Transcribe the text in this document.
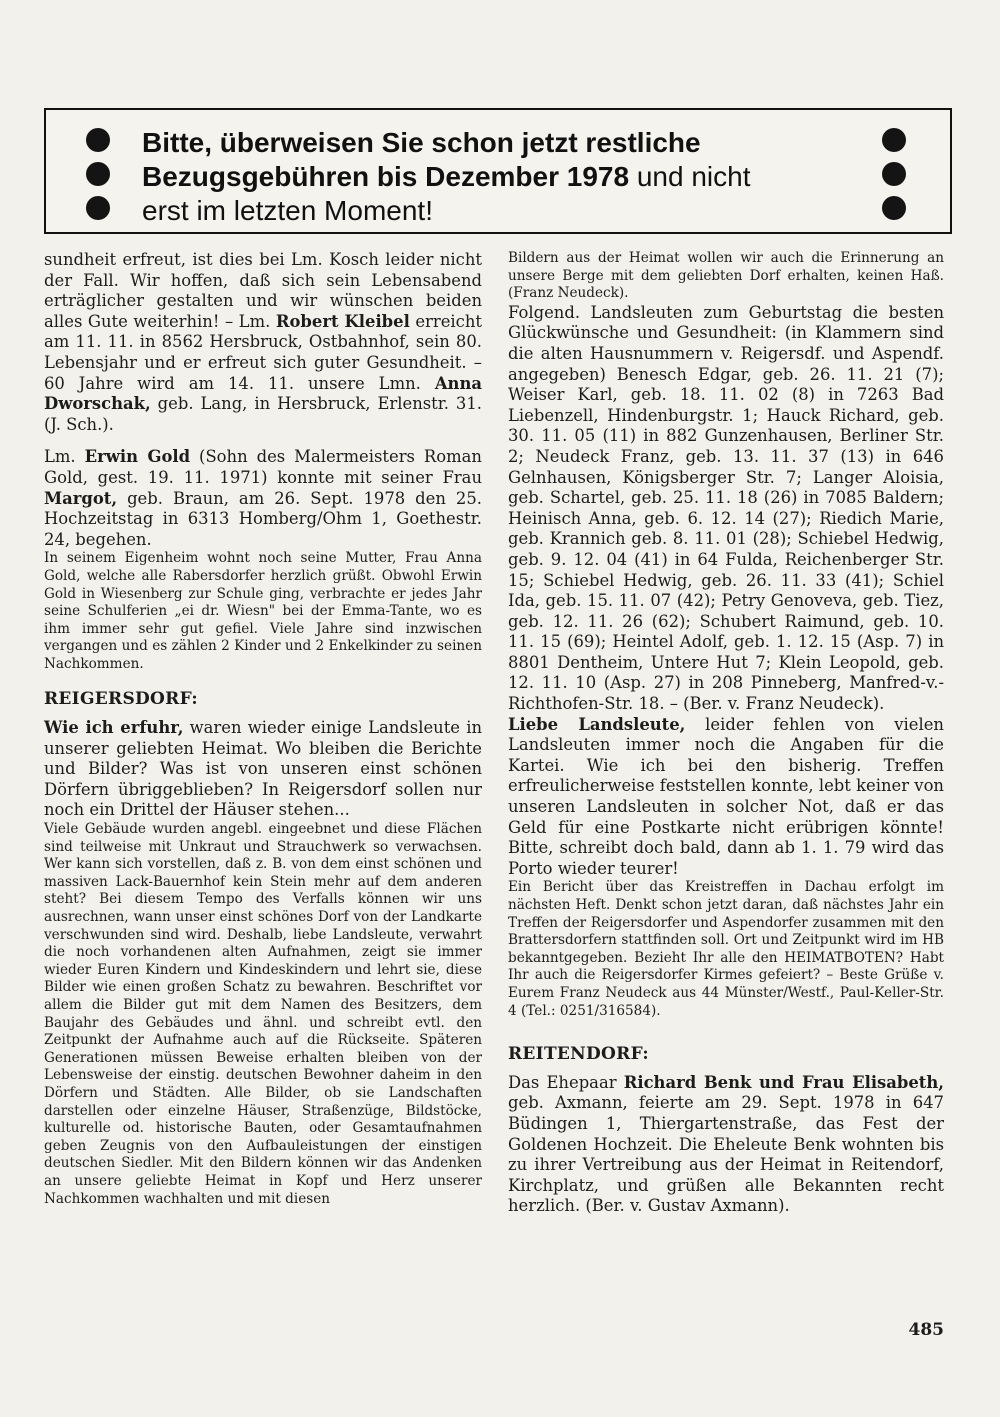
Bitte, überweisen Sie schon jetzt restliche
Bezugsgebühren bis Dezember 1978 und nicht
erst im letzten Moment!

sundheit erfreut, ist dies bei Lm. Kosch leider nicht der Fall. Wir hoffen, daß sich sein Lebensabend erträglicher gestalten und wir wünschen beiden alles Gute weiterhin! – Lm. Robert Kleibel erreicht am 11. 11. in 8562 Hersbruck, Ostbahnhof, sein 80. Lebensjahr und er erfreut sich guter Gesundheit. – 60 Jahre wird am 14. 11. unsere Lmn. Anna Dworschak, geb. Lang, in Hersbruck, Erlenstr. 31. (J. Sch.).

Lm. Erwin Gold (Sohn des Malermeisters Roman Gold, gest. 19. 11. 1971) konnte mit seiner Frau Margot, geb. Braun, am 26. Sept. 1978 den 25. Hochzeitstag in 6313 Homberg/Ohm 1, Goethestr. 24, begehen.

In seinem Eigenheim wohnt noch seine Mutter, Frau Anna Gold, welche alle Rabersdorfer herzlich grüßt. Obwohl Erwin Gold in Wiesenberg zur Schule ging, verbrachte er jedes Jahr seine Schulferien „ei dr. Wiesn" bei der Emma-Tante, wo es ihm immer sehr gut gefiel. Viele Jahre sind inzwischen vergangen und es zählen 2 Kinder und 2 Enkelkinder zu seinen Nachkommen.

REIGERSDORF:

Wie ich erfuhr, waren wieder einige Landsleute in unserer geliebten Heimat. Wo bleiben die Berichte und Bilder? Was ist von unseren einst schönen Dörfern übriggeblieben? In Reigersdorf sollen nur noch ein Drittel der Häuser stehen...

Viele Gebäude wurden angebl. eingeebnet und diese Flächen sind teilweise mit Unkraut und Strauchwerk so verwachsen. Wer kann sich vorstellen, daß z. B. von dem einst schönen und massiven Lack-Bauernhof kein Stein mehr auf dem anderen steht? Bei diesem Tempo des Verfalls können wir uns ausrechnen, wann unser einst schönes Dorf von der Landkarte verschwunden sind wird. Deshalb, liebe Landsleute, verwahrt die noch vorhandenen alten Aufnahmen, zeigt sie immer wieder Euren Kindern und Kindeskindern und lehrt sie, diese Bilder wie einen großen Schatz zu bewahren. Beschriftet vor allem die Bilder gut mit dem Namen des Besitzers, dem Baujahr des Gebäudes und ähnl. und schreibt evtl. den Zeitpunkt der Aufnahme auch auf die Rückseite. Späteren Generationen müssen Beweise erhalten bleiben von der Lebensweise der einstig. deutschen Bewohner daheim in den Dörfern und Städten. Alle Bilder, ob sie Landschaften darstellen oder einzelne Häuser, Straßenzüge, Bildstöcke, kulturelle od. historische Bauten, oder Gesamtaufnahmen geben Zeugnis von den Aufbauleistungen der einstigen deutschen Siedler. Mit den Bildern können wir das Andenken an unsere geliebte Heimat in Kopf und Herz unserer Nachkommen wachhalten und mit diesen

Bildern aus der Heimat wollen wir auch die Erinnerung an unsere Berge mit dem geliebten Dorf erhalten, keinen Haß. (Franz Neudeck).

Folgend. Landsleuten zum Geburtstag die besten Glückwünsche und Gesundheit: (in Klammern sind die alten Hausnummern v. Reigersdf. und Aspendf. angegeben) Benesch Edgar, geb. 26. 11. 21 (7); Weiser Karl, geb. 18. 11. 02 (8) in 7263 Bad Liebenzell, Hindenburgstr. 1; Hauck Richard, geb. 30. 11. 05 (11) in 882 Gunzenhausen, Berliner Str. 2; Neudeck Franz, geb. 13. 11. 37 (13) in 646 Gelnhausen, Königsberger Str. 7; Langer Aloisia, geb. Schartel, geb. 25. 11. 18 (26) in 7085 Baldern; Heinisch Anna, geb. 6. 12. 14 (27); Riedich Marie, geb. Krannich geb. 8. 11. 01 (28); Schiebel Hedwig, geb. 9. 12. 04 (41) in 64 Fulda, Reichenberger Str. 15; Schiebel Hedwig, geb. 26. 11. 33 (41); Schiel Ida, geb. 15. 11. 07 (42); Petry Genoveva, geb. Tiez, geb. 12. 11. 26 (62); Schubert Raimund, geb. 10. 11. 15 (69); Heintel Adolf, geb. 1. 12. 15 (Asp. 7) in 8801 Dentheim, Untere Hut 7; Klein Leopold, geb. 12. 11. 10 (Asp. 27) in 208 Pinneberg, Manfred-v.-Richthofen-Str. 18. – (Ber. v. Franz Neudeck).

Liebe Landsleute, leider fehlen von vielen Landsleuten immer noch die Angaben für die Kartei. Wie ich bei den bisherig. Treffen erfreulicherweise feststellen konnte, lebt keiner von unseren Landsleuten in solcher Not, daß er das Geld für eine Postkarte nicht erübrigen könnte! Bitte, schreibt doch bald, dann ab 1. 1. 79 wird das Porto wieder teurer!

Ein Bericht über das Kreistreffen in Dachau erfolgt im nächsten Heft. Denkt schon jetzt daran, daß nächstes Jahr ein Treffen der Reigersdorfer und Aspendorfer zusammen mit den Brattersdorfern stattfinden soll. Ort und Zeitpunkt wird im HB bekanntgegeben. Bezieht Ihr alle den HEIMATBOTEN? Habt Ihr auch die Reigersdorfer Kirmes gefeiert? – Beste Grüße v. Eurem Franz Neudeck aus 44 Münster/Westf., Paul-Keller-Str. 4 (Tel.: 0251/316584).

REITENDORF:

Das Ehepaar Richard Benk und Frau Elisabeth, geb. Axmann, feierte am 29. Sept. 1978 in 647 Büdingen 1, Thiergartenstraße, das Fest der Goldenen Hochzeit. Die Eheleute Benk wohnten bis zu ihrer Vertreibung aus der Heimat in Reitendorf, Kirchplatz, und grüßen alle Bekannten recht herzlich. (Ber. v. Gustav Axmann).

485
